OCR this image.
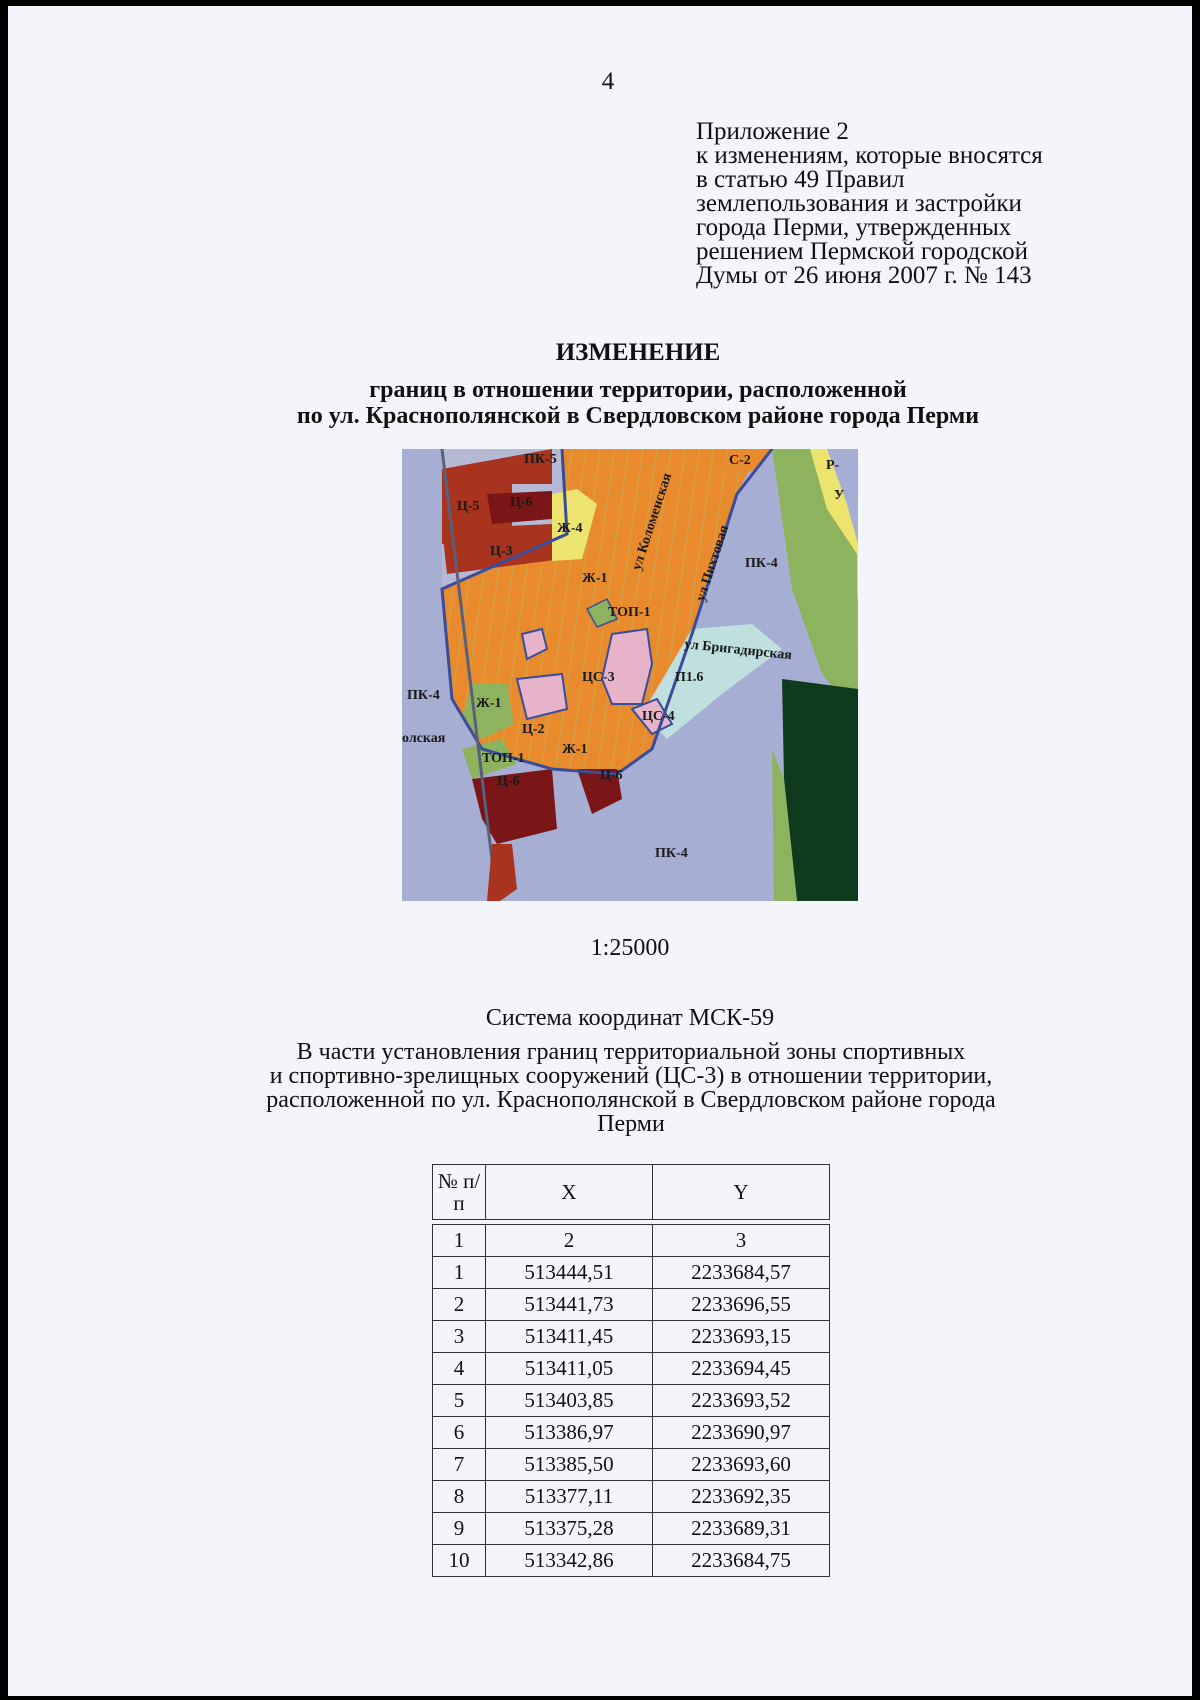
4
Приложение 2
к изменениям, которые вносятся
в статью 49 Правил
землепользования и застройки
города Перми, утвержденных
решением Пермской городской
Думы от 26 июня 2007 г. № 143
ИЗМЕНЕНИЕ
границ в отношении территории, расположенной
по ул. Краснополянской в Свердловском районе города Перми
ПК-5	С-2	Р-
У
Ц-5 Ц-6
Ж-4
Ц-3
Ж-1
ТОП-1
ПК-4
ЦС-3	П1.6
ПК-4
Ж-1
Ц-2
ЦС-4
ТОП-1
Ж-1
Ц-6	Ц-6
ПК-4
ул Коломенская ул Пихтовая
ул Бригадирская
олская
1:25000
Система координат МСК-59
В части установления границ территориальной зоны спортивных
и спортивно-зрелищных сооружений (ЦС-3) в отношении территории,
расположенной по ул. Краснополянской в Свердловском районе города
Перми
№ п/п	X	Y

1	2	3
1	513444,51	2233684,57
2	513441,73	2233696,55
3	513411,45	2233693,15
4	513411,05	2233694,45
5	513403,85	2233693,52
6	513386,97	2233690,97
7	513385,50	2233693,60
8	513377,11	2233692,35
9	513375,28	2233689,31
10	513342,86	2233684,75
